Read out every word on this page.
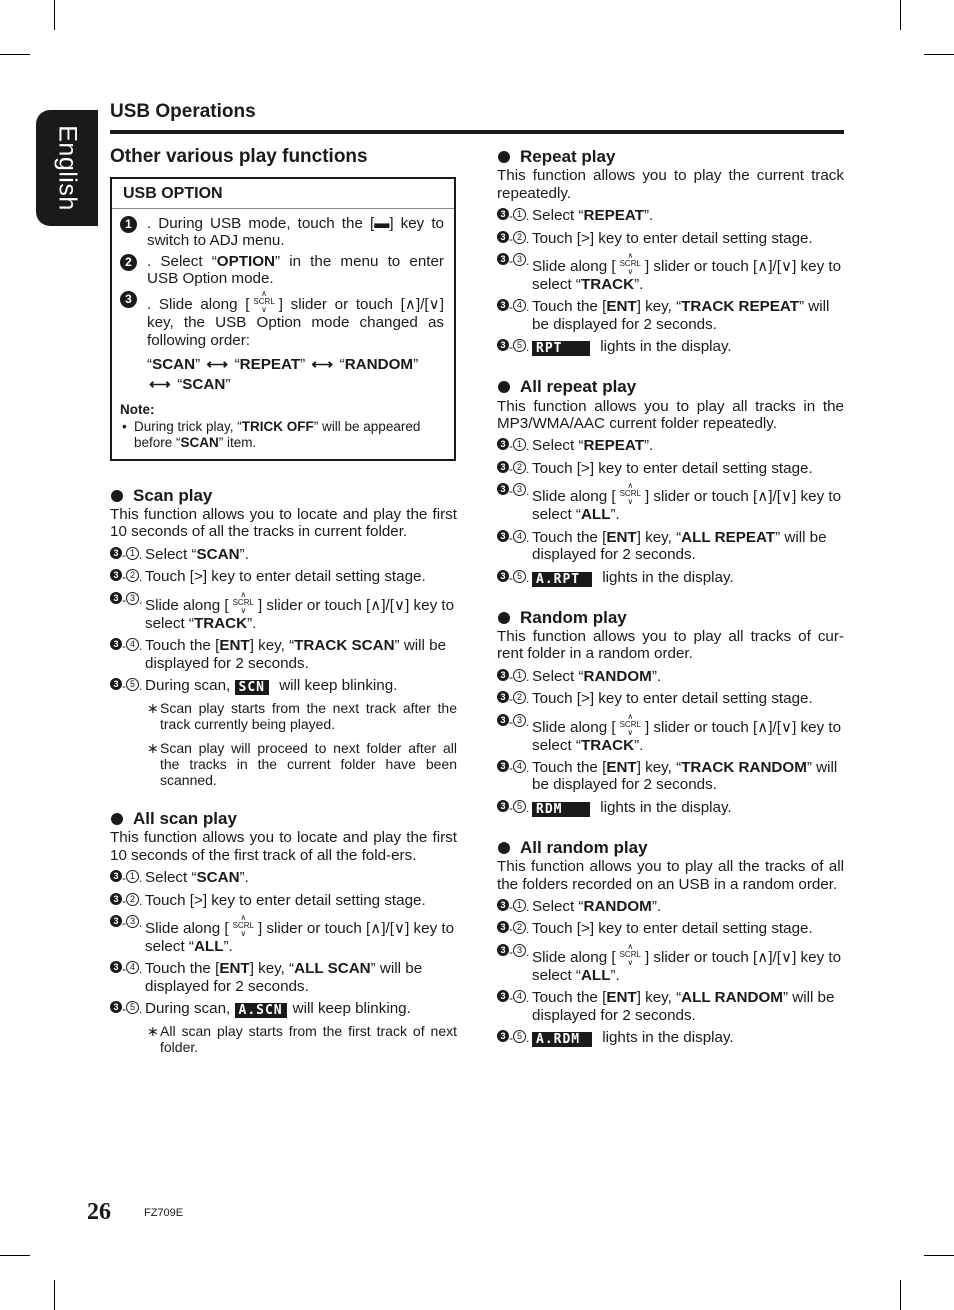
English
USB Operations
Other various play functions
USB OPTION
1 . During USB mode, touch the [▬] key to switch to ADJ menu.
2 . Select “OPTION” in the menu to enter USB Option mode.
3 . Slide along [∧
SCRL
∨ ] slider or touch [∧]/[∨] key, the USB Option mode changed as following order:
“SCAN” ⟷ “REPEAT” ⟷ “RANDOM”
⟷ “SCAN”
Note:
• During trick play, “TRICK OFF” will be appeared before “SCAN” item.
Scan play
This function allows you to locate and play the first 10 seconds of all the tracks in current folder.
3 - 1 . Select “SCAN”.
3 - 2 . Touch [>] key to enter detail setting stage.
3 - 3 . Slide along [∧
SCRL
∨ ] slider or touch [∧]/[∨] key to select “TRACK”.
3 - 4 . Touch the [ENT] key, “TRACK SCAN” will be displayed for 2 seconds.
3 - 5 . During scan, SCN will keep blinking.
∗ Scan play starts from the next track after the track currently being played.
∗ Scan play will proceed to next folder after all the tracks in the current folder have been scanned.
All scan play
This function allows you to locate and play the first 10 seconds of the first track of all the fold-ers.
3 - 1 . Select “SCAN”.
3 - 2 . Touch [>] key to enter detail setting stage.
3 - 3 . Slide along [∧
SCRL
∨ ] slider or touch [∧]/[∨] key to select “ALL”.
3 - 4 . Touch the [ENT] key, “ALL SCAN” will be displayed for 2 seconds.
3 - 5 . During scan, A.SCN will keep blinking.
∗ All scan play starts from the first track of next folder.
Repeat play
This function allows you to play the current track repeatedly.
3 - 1 . Select “REPEAT”.
3 - 2 . Touch [>] key to enter detail setting stage.
3 - 3 . Slide along [∧
SCRL
∨ ] slider or touch [∧]/[∨] key to select “TRACK”.
3 - 4 . Touch the [ENT] key, “TRACK REPEAT” will be displayed for 2 seconds.
3 - 5 . RPT lights in the display.
All repeat play
This function allows you to play all tracks in the MP3/WMA/AAC current folder repeatedly.
3 - 1 . Select “REPEAT”.
3 - 2 . Touch [>] key to enter detail setting stage.
3 - 3 . Slide along [∧
SCRL
∨ ] slider or touch [∧]/[∨] key to select “ALL”.
3 - 4 . Touch the [ENT] key, “ALL REPEAT” will be displayed for 2 seconds.
3 - 5 . A.RPT lights in the display.
Random play
This function allows you to play all tracks of cur-rent folder in a random order.
3 - 1 . Select “RANDOM”.
3 - 2 . Touch [>] key to enter detail setting stage.
3 - 3 . Slide along [∧
SCRL
∨ ] slider or touch [∧]/[∨] key to select “TRACK”.
3 - 4 . Touch the [ENT] key, “TRACK RANDOM” will be displayed for 2 seconds.
3 - 5 . RDM lights in the display.
All random play
This function allows you to play all the tracks of all the folders recorded on an USB in a random order.
3 - 1 . Select “RANDOM”.
3 - 2 . Touch [>] key to enter detail setting stage.
3 - 3 . Slide along [∧
SCRL
∨ ] slider or touch [∧]/[∨] key to select “ALL”.
3 - 4 . Touch the [ENT] key, “ALL RANDOM” will be displayed for 2 seconds.
3 - 5 . A.RDM lights in the display.
26	FZ709E
